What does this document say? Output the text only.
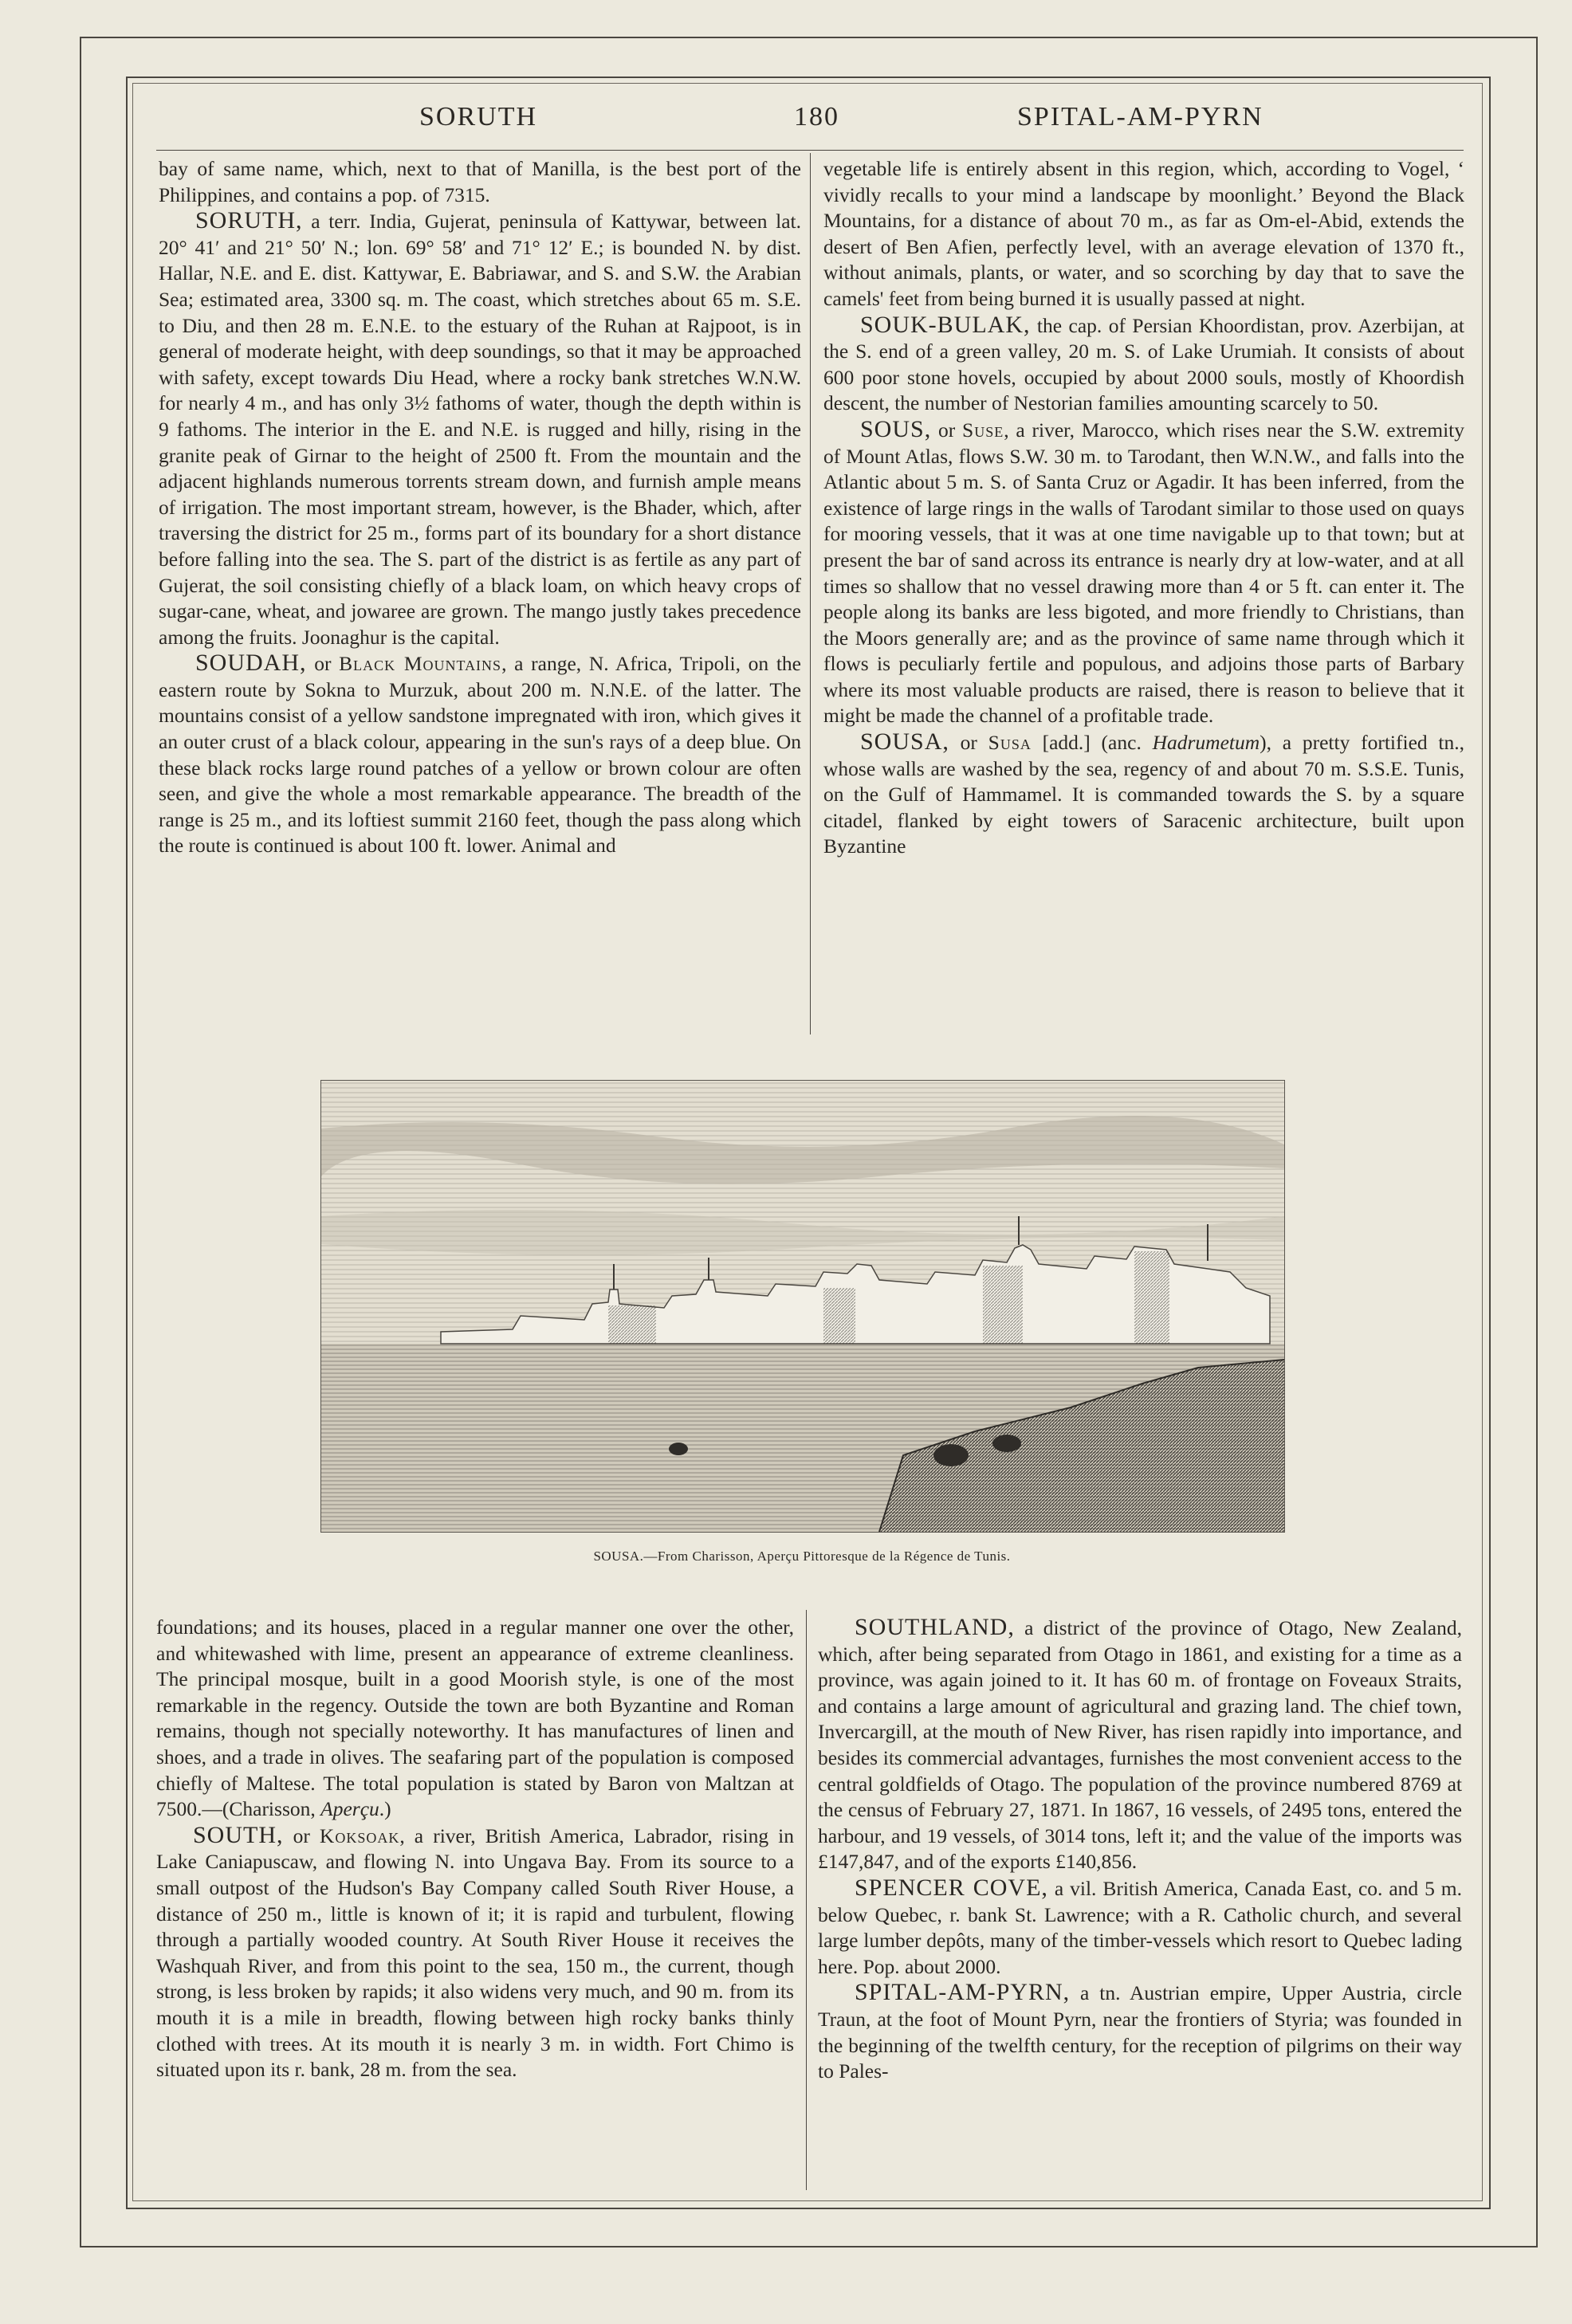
SORUTH	180	SPITAL-AM-PYRN

bay of same name, which, next to that of Manilla, is the best port of the Philippines, and contains a pop. of 7315.

SORUTH, a terr. India, Gujerat, peninsula of Kattywar, between lat. 20° 41′ and 21° 50′ N.; lon. 69° 58′ and 71° 12′ E.; is bounded N. by dist. Hallar, N.E. and E. dist. Kattywar, E. Babriawar, and S. and S.W. the Arabian Sea; estimated area, 3300 sq. m. The coast, which stretches about 65 m. S.E. to Diu, and then 28 m. E.N.E. to the estuary of the Ruhan at Rajpoot, is in general of moderate height, with deep soundings, so that it may be approached with safety, except towards Diu Head, where a rocky bank stretches W.N.W. for nearly 4 m., and has only 3½ fathoms of water, though the depth within is 9 fathoms. The interior in the E. and N.E. is rugged and hilly, rising in the granite peak of Girnar to the height of 2500 ft. From the mountain and the adjacent highlands numerous torrents stream down, and furnish ample means of irrigation. The most important stream, however, is the Bhader, which, after traversing the district for 25 m., forms part of its boundary for a short distance before falling into the sea. The S. part of the district is as fertile as any part of Gujerat, the soil consisting chiefly of a black loam, on which heavy crops of sugar-cane, wheat, and jowaree are grown. The mango justly takes precedence among the fruits. Joonaghur is the capital.

SOUDAH, or Black Mountains, a range, N. Africa, Tripoli, on the eastern route by Sokna to Murzuk, about 200 m. N.N.E. of the latter. The mountains consist of a yellow sandstone impregnated with iron, which gives it an outer crust of a black colour, appearing in the sun's rays of a deep blue. On these black rocks large round patches of a yellow or brown colour are often seen, and give the whole a most remarkable appearance. The breadth of the range is 25 m., and its loftiest summit 2160 feet, though the pass along which the route is continued is about 100 ft. lower. Animal and

vegetable life is entirely absent in this region, which, according to Vogel, ‘ vividly recalls to your mind a landscape by moonlight.’ Beyond the Black Mountains, for a distance of about 70 m., as far as Om-el-Abid, extends the desert of Ben Afien, perfectly level, with an average elevation of 1370 ft., without animals, plants, or water, and so scorching by day that to save the camels' feet from being burned it is usually passed at night.

SOUK-BULAK, the cap. of Persian Khoordistan, prov. Azerbijan, at the S. end of a green valley, 20 m. S. of Lake Urumiah. It consists of about 600 poor stone hovels, occupied by about 2000 souls, mostly of Khoordish descent, the number of Nestorian families amounting scarcely to 50.

SOUS, or Suse, a river, Marocco, which rises near the S.W. extremity of Mount Atlas, flows S.W. 30 m. to Tarodant, then W.N.W., and falls into the Atlantic about 5 m. S. of Santa Cruz or Agadir. It has been inferred, from the existence of large rings in the walls of Tarodant similar to those used on quays for mooring vessels, that it was at one time navigable up to that town; but at present the bar of sand across its entrance is nearly dry at low-water, and at all times so shallow that no vessel drawing more than 4 or 5 ft. can enter it. The people along its banks are less bigoted, and more friendly to Christians, than the Moors generally are; and as the province of same name through which it flows is peculiarly fertile and populous, and adjoins those parts of Barbary where its most valuable products are raised, there is reason to believe that it might be made the channel of a profitable trade.

SOUSA, or Susa [add.] (anc. Hadrumetum), a pretty fortified tn., whose walls are washed by the sea, regency of and about 70 m. S.S.E. Tunis, on the Gulf of Hammamel. It is commanded towards the S. by a square citadel, flanked by eight towers of Saracenic architecture, built upon Byzantine

SOUSA.—From Charisson, Aperçu Pittoresque de la Régence de Tunis.

foundations; and its houses, placed in a regular manner one over the other, and whitewashed with lime, present an appearance of extreme cleanliness. The principal mosque, built in a good Moorish style, is one of the most remarkable in the regency. Outside the town are both Byzantine and Roman remains, though not specially noteworthy. It has manufactures of linen and shoes, and a trade in olives. The seafaring part of the population is composed chiefly of Maltese. The total population is stated by Baron von Maltzan at 7500.—(Charisson, Aperçu.)

SOUTH, or Koksoak, a river, British America, Labrador, rising in Lake Caniapuscaw, and flowing N. into Ungava Bay. From its source to a small outpost of the Hudson's Bay Company called South River House, a distance of 250 m., little is known of it; it is rapid and turbulent, flowing through a partially wooded country. At South River House it receives the Washquah River, and from this point to the sea, 150 m., the current, though strong, is less broken by rapids; it also widens very much, and 90 m. from its mouth it is a mile in breadth, flowing between high rocky banks thinly clothed with trees. At its mouth it is nearly 3 m. in width. Fort Chimo is situated upon its r. bank, 28 m. from the sea.

SOUTHLAND, a district of the province of Otago, New Zealand, which, after being separated from Otago in 1861, and existing for a time as a province, was again joined to it. It has 60 m. of frontage on Foveaux Straits, and contains a large amount of agricultural and grazing land. The chief town, Invercargill, at the mouth of New River, has risen rapidly into importance, and besides its commercial advantages, furnishes the most convenient access to the central goldfields of Otago. The population of the province numbered 8769 at the census of February 27, 1871. In 1867, 16 vessels, of 2495 tons, entered the harbour, and 19 vessels, of 3014 tons, left it; and the value of the imports was £147,847, and of the exports £140,856.

SPENCER COVE, a vil. British America, Canada East, co. and 5 m. below Quebec, r. bank St. Lawrence; with a R. Catholic church, and several large lumber depôts, many of the timber-vessels which resort to Quebec lading here. Pop. about 2000.

SPITAL-AM-PYRN, a tn. Austrian empire, Upper Austria, circle Traun, at the foot of Mount Pyrn, near the frontiers of Styria; was founded in the beginning of the twelfth century, for the reception of pilgrims on their way to Pales-
